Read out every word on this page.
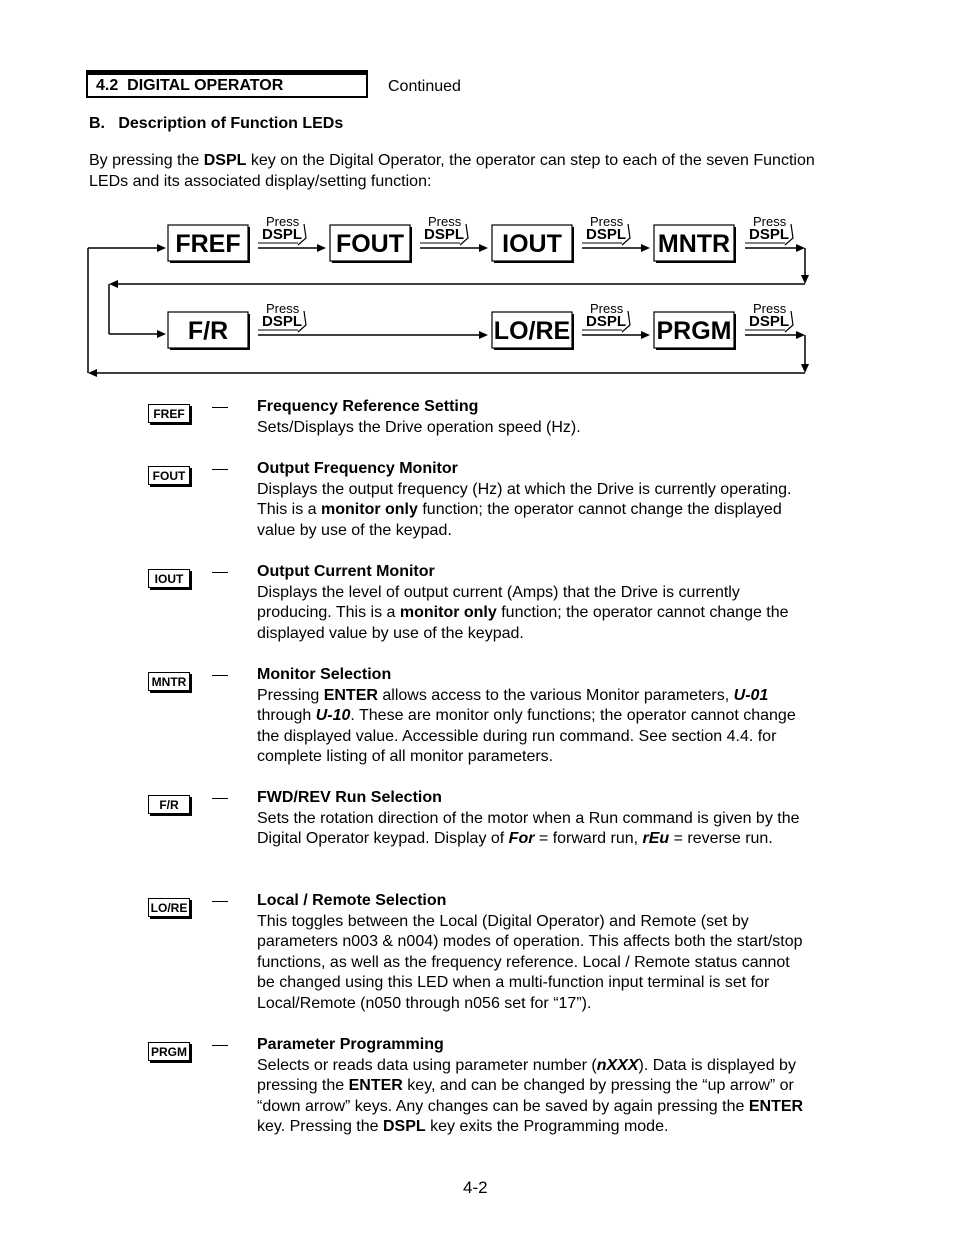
4.2  DIGITAL OPERATOR	Continued
B.   Description of Function LEDs
By pressing the DSPL key on the Digital Operator, the operator can step to each of the seven Function LEDs and its associated display/setting function:
Press
DSPL
Press
DSPL
Press
DSPL
Press
DSPL
Press
DSPL
Press
DSPL
Press
DSPL
FREF	FOUT	IOUT	MNTR
F/R	LO/RE	PRGM
FREF	Frequency Reference Setting
Sets/Displays the Drive operation speed (Hz).
FOUT	Output Frequency Monitor
Displays the output frequency (Hz) at which the Drive is currently operating. This is a monitor only function; the operator cannot change the displayed value by use of the keypad.
IOUT	Output Current Monitor
Displays the level of output current (Amps) that the Drive is currently producing. This is a monitor only function; the operator cannot change the displayed value by use of the keypad.
MNTR	Monitor Selection
Pressing ENTER allows access to the various Monitor parameters, U-01 through U-10. These are monitor only functions; the operator cannot change the displayed value. Accessible during run command. See section 4.4. for complete listing of all monitor parameters.
F/R	FWD/REV Run Selection
Sets the rotation direction of the motor when a Run command is given by the Digital Operator keypad. Display of For = forward run, rEu = reverse run.
LO/RE	Local / Remote Selection
This toggles between the Local (Digital Operator) and Remote (set by parameters n003 & n004) modes of operation. This affects both the start/stop functions, as well as the frequency reference. Local / Remote status cannot be changed using this LED when a multi-function input terminal is set for Local/Remote (n050 through n056 set for “17”).
PRGM	Parameter Programming
Selects or reads data using parameter number (nXXX). Data is displayed by pressing the ENTER key, and can be changed by pressing the “up arrow” or “down arrow” keys. Any changes can be saved by again pressing the ENTER key. Pressing the DSPL key exits the Programming mode.
4-2
